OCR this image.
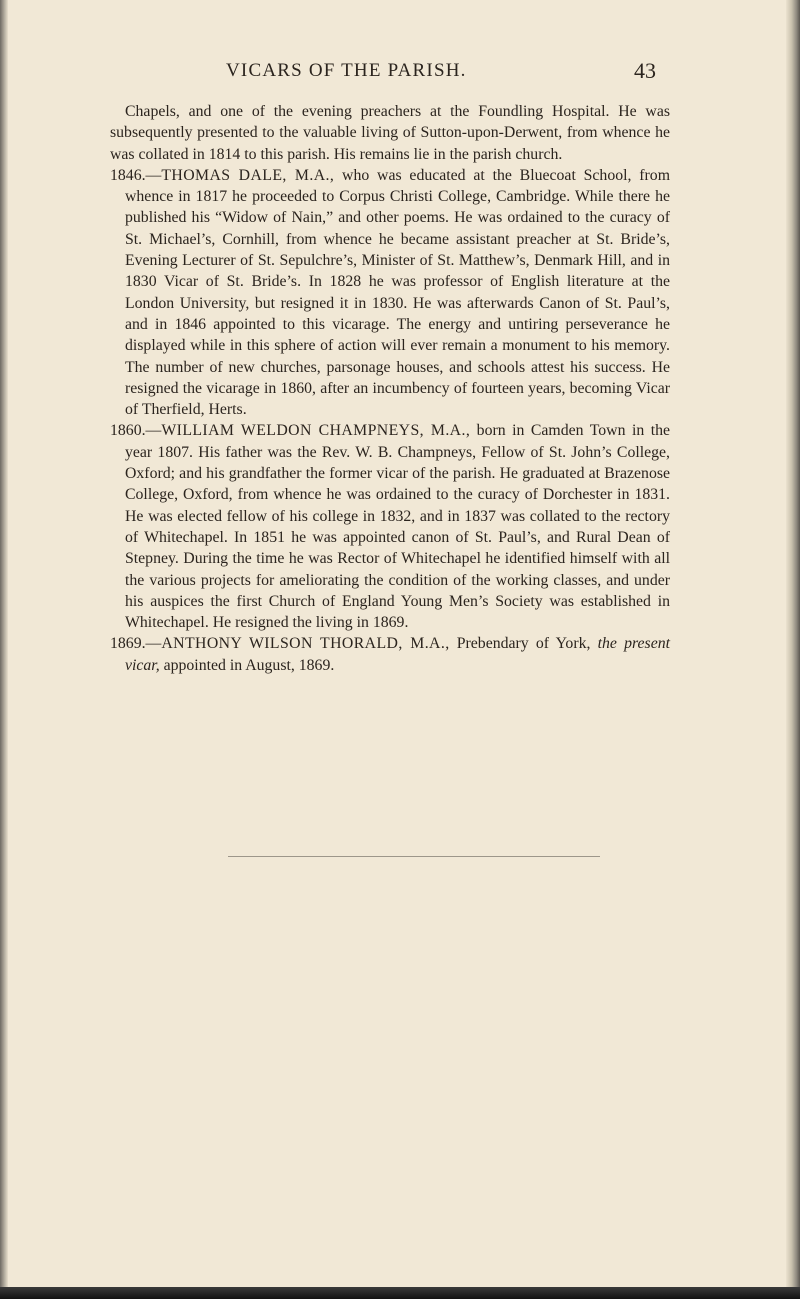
VICARS OF THE PARISH.	43

Chapels, and one of the evening preachers at the Foundling Hospital. He was subsequently presented to the valuable living of Sutton-upon-Derwent, from whence he was collated in 1814 to this parish. His remains lie in the parish church.

1846.—THOMAS DALE, M.A., who was educated at the Bluecoat School, from whence in 1817 he proceeded to Corpus Christi College, Cambridge. While there he published his “Widow of Nain,” and other poems. He was ordained to the curacy of St. Michael’s, Cornhill, from whence he became assistant preacher at St. Bride’s, Evening Lecturer of St. Sepulchre’s, Minister of St. Matthew’s, Denmark Hill, and in 1830 Vicar of St. Bride’s. In 1828 he was professor of English literature at the London University, but resigned it in 1830. He was afterwards Canon of St. Paul’s, and in 1846 appointed to this vicarage. The energy and untiring perseverance he displayed while in this sphere of action will ever remain a monument to his memory. The number of new churches, parsonage houses, and schools attest his success. He resigned the vicarage in 1860, after an incumbency of fourteen years, becoming Vicar of Therfield, Herts.

1860.—WILLIAM WELDON CHAMPNEYS, M.A., born in Camden Town in the year 1807. His father was the Rev. W. B. Champneys, Fellow of St. John’s College, Oxford; and his grandfather the former vicar of the parish. He graduated at Brazenose College, Oxford, from whence he was ordained to the curacy of Dorchester in 1831. He was elected fellow of his college in 1832, and in 1837 was collated to the rectory of Whitechapel. In 1851 he was appointed canon of St. Paul’s, and Rural Dean of Stepney. During the time he was Rector of Whitechapel he identified himself with all the various projects for ameliorating the condition of the working classes, and under his auspices the first Church of England Young Men’s Society was established in Whitechapel. He resigned the living in 1869.

1869.—ANTHONY WILSON THORALD, M.A., Prebendary of York, the present vicar, appointed in August, 1869.
